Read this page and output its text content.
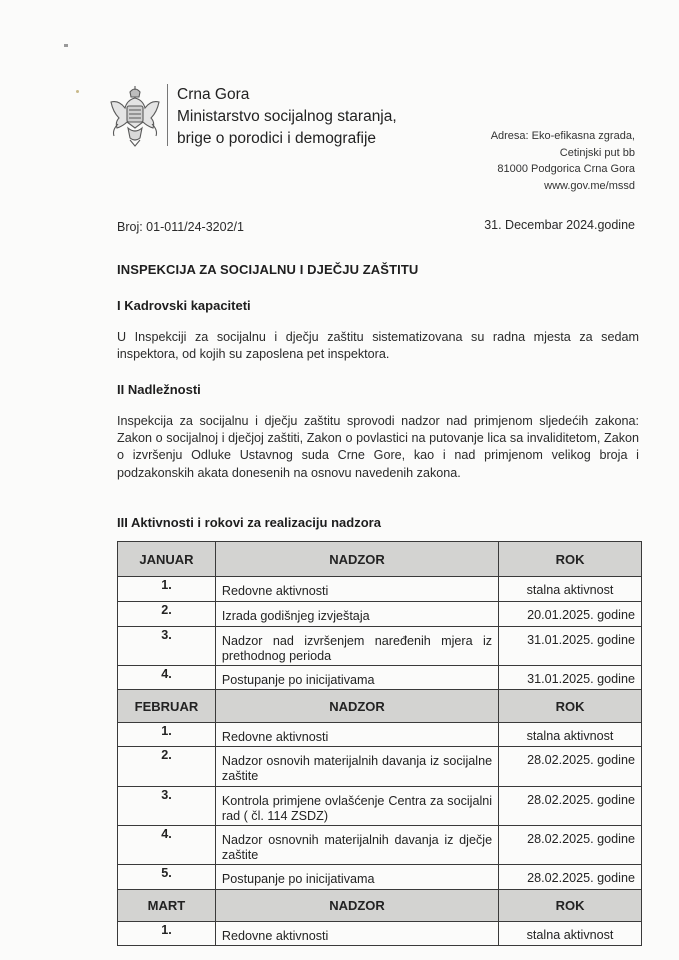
Crna Gora
Ministarstvo socijalnog staranja,
brige o porodici i demografije	Adresa: Eko-efikasna zgrada,
Cetinjski put bb
81000 Podgorica Crna Gora
www.gov.me/mssd
Broj: 01-011/24-3202/1	31. Decembar 2024.godine
INSPEKCIJA ZA SOCIJALNU I DJEČJU ZAŠTITU
I Kadrovski kapaciteti
U Inspekciji za socijalnu i dječju zaštitu sistematizovana su radna mjesta za sedam inspektora, od kojih su zaposlena pet inspektora.
II Nadležnosti
Inspekcija za socijalnu i dječju zaštitu sprovodi nadzor nad primjenom sljedećih zakona: Zakon o socijalnoj i dječjoj zaštiti, Zakon o povlastici na putovanje lica sa invaliditetom, Zakon o izvršenju Odluke Ustavnog suda Crne Gore, kao i nad primjenom velikog broja i podzakonskih akata donesenih na osnovu navedenih zakona.
III Aktivnosti i rokovi za realizaciju nadzora
JANUAR	NADZOR	ROK
1.	Redovne aktivnosti	stalna aktivnost
2.	Izrada godišnjeg izvještaja	20.01.2025. godine
3.	Nadzor nad izvršenjem naređenih mjera iz prethodnog perioda	31.01.2025. godine
4.	Postupanje po inicijativama	31.01.2025. godine
FEBRUAR	NADZOR	ROK
1.	Redovne aktivnosti	stalna aktivnost
2.	Nadzor osnovih materijalnih davanja iz socijalne zaštite	28.02.2025. godine
3.	Kontrola primjene ovlašćenje Centra za socijalni rad ( čl. 114 ZSDZ)	28.02.2025. godine
4.	Nadzor osnovnih materijalnih davanja iz dječje zaštite	28.02.2025. godine
5.	Postupanje po inicijativama	28.02.2025. godine
MART	NADZOR	ROK
1.	Redovne aktivnosti	stalna aktivnost
